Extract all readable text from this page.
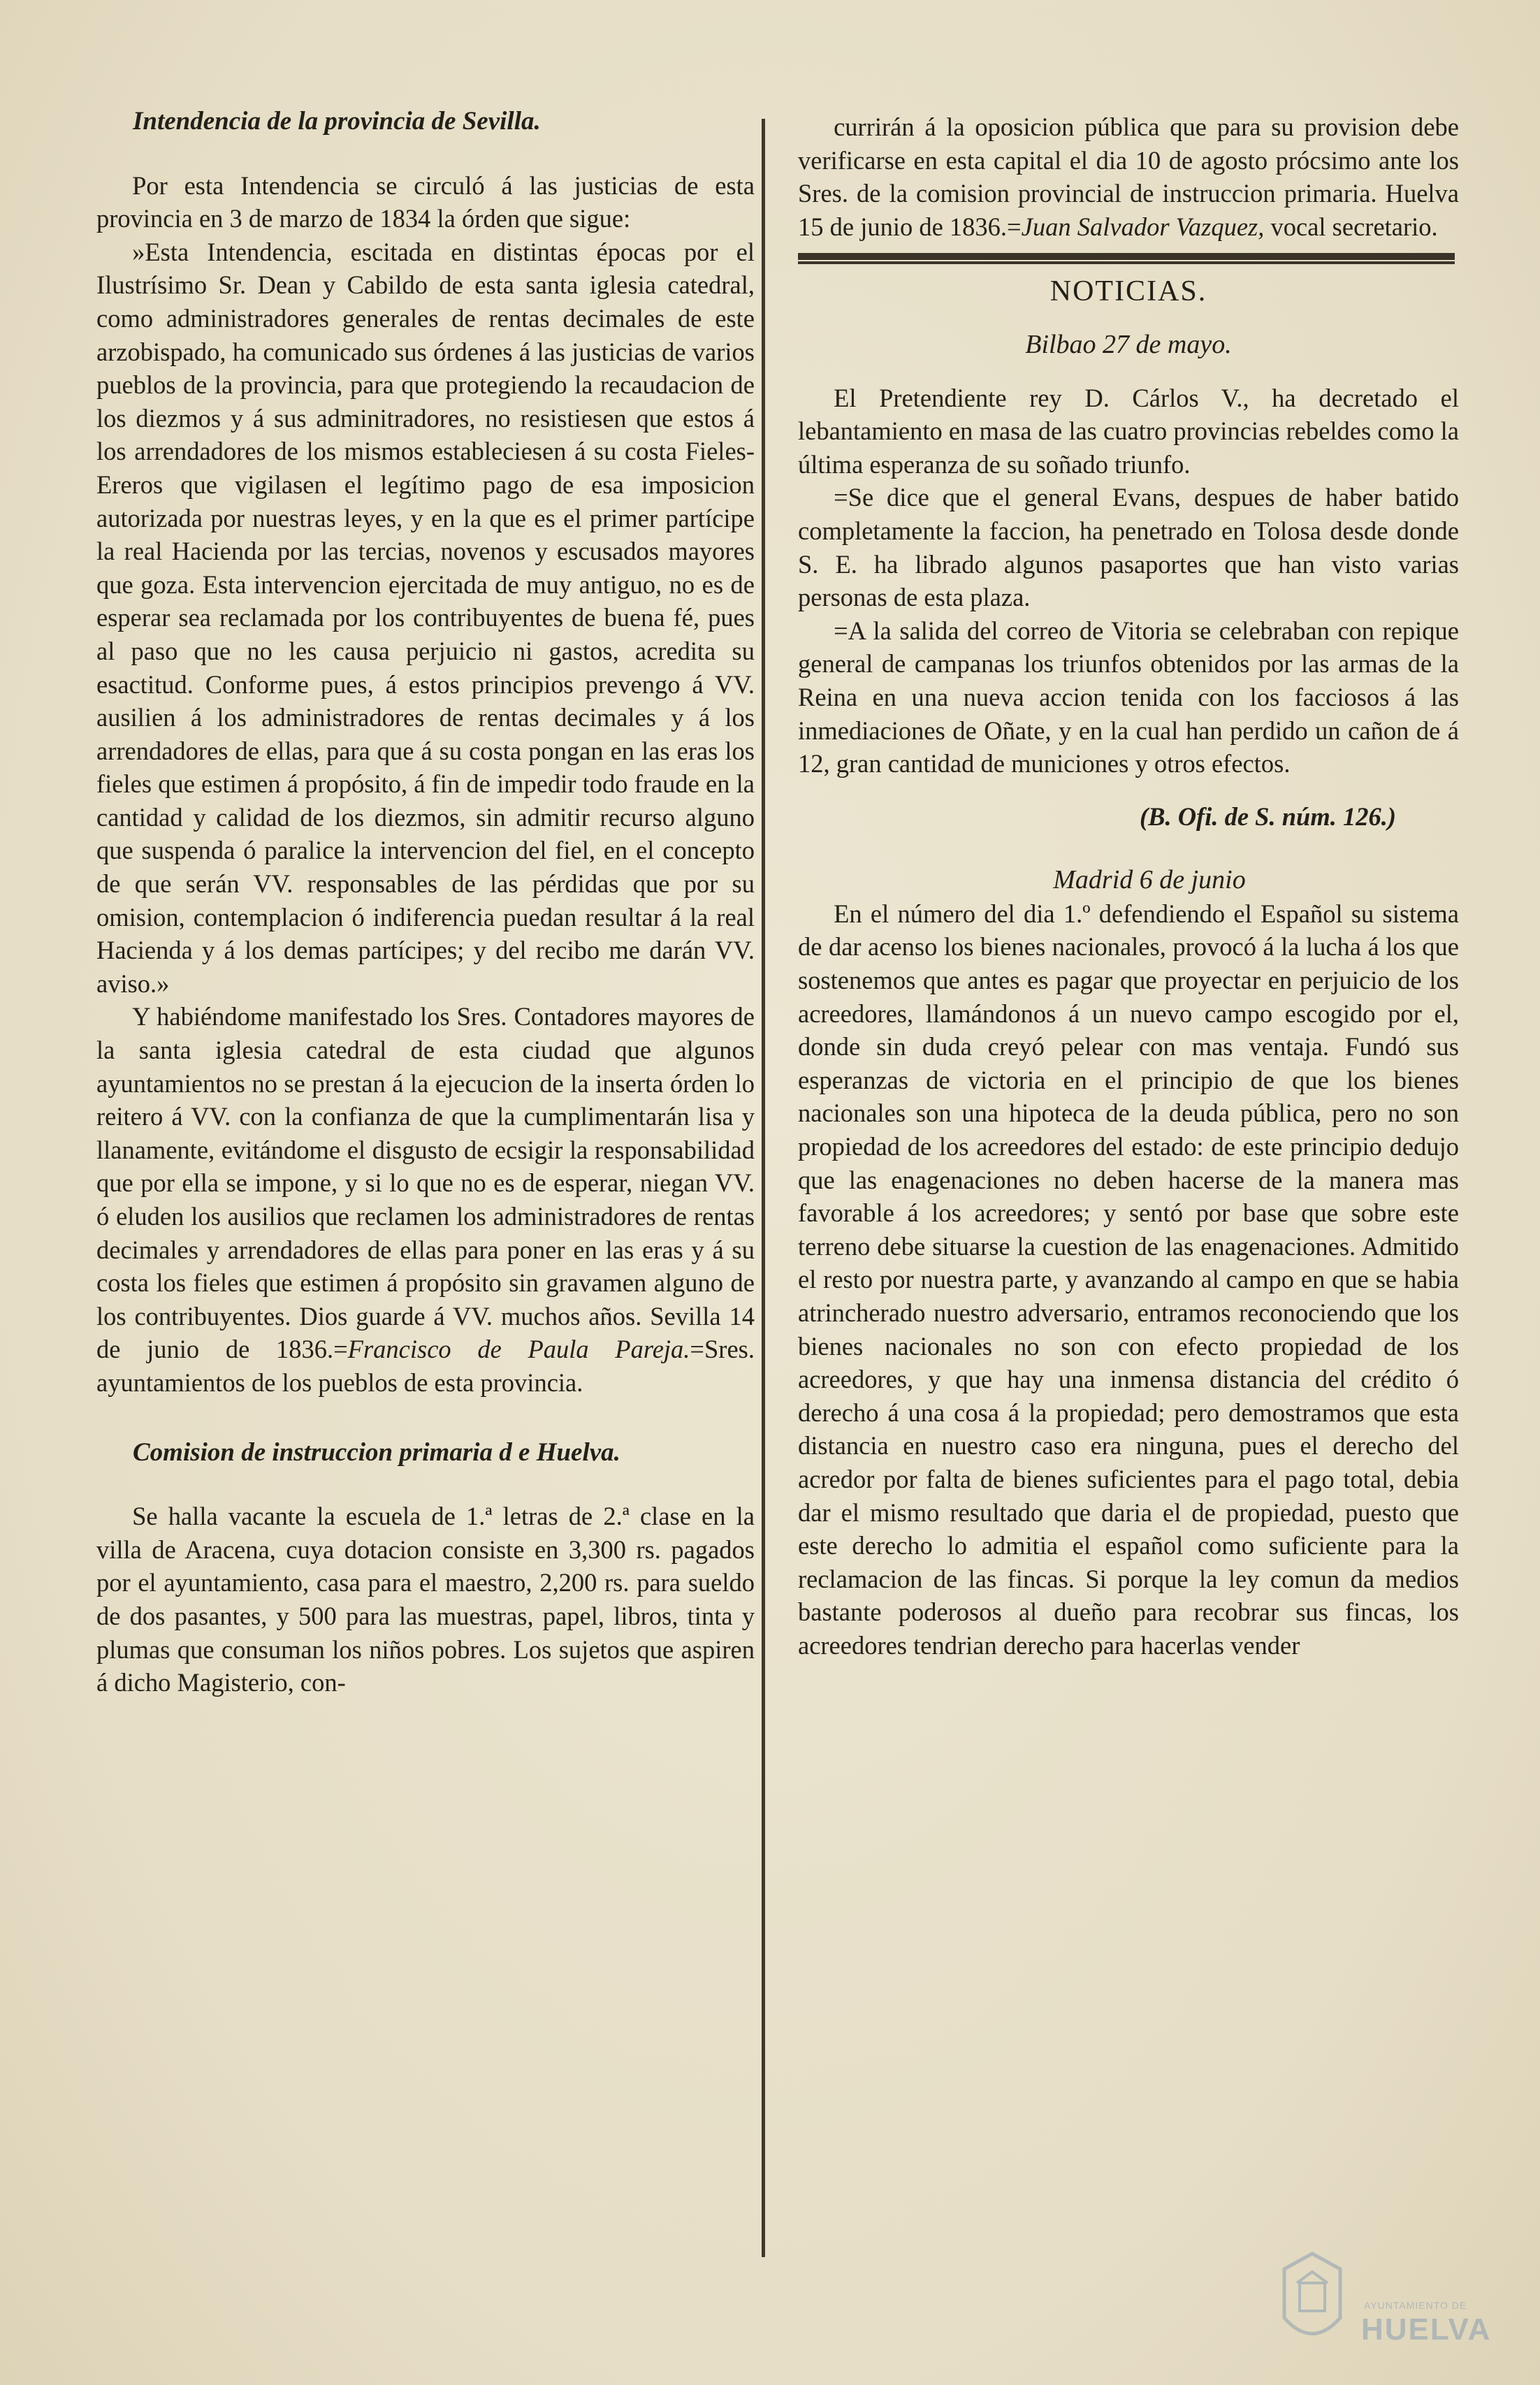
Intendencia de la provincia de Sevilla.

Por esta Intendencia se circuló á las justicias de esta provincia en 3 de marzo de 1834 la órden que sigue:

»Esta Intendencia, escitada en distintas épocas por el Ilustrísimo Sr. Dean y Cabildo de esta santa iglesia catedral, como administradores generales de rentas decimales de este arzobispado, ha comunicado sus órdenes á las justicias de varios pueblos de la provincia, para que protegiendo la recaudacion de los diezmos y á sus adminitradores, no resistiesen que estos á los arrendadores de los mismos estableciesen á su costa Fieles-Ereros que vigilasen el legítimo pago de esa imposicion autorizada por nuestras leyes, y en la que es el primer partícipe la real Hacienda por las tercias, novenos y escusados mayores que goza. Esta intervencion ejercitada de muy antiguo, no es de esperar sea reclamada por los contribuyentes de buena fé, pues al paso que no les causa perjuicio ni gastos, acredita su esactitud. Conforme pues, á estos principios prevengo á VV. ausilien á los administradores de rentas decimales y á los arrendadores de ellas, para que á su costa pongan en las eras los fieles que estimen á propósito, á fin de impedir todo fraude en la cantidad y calidad de los diezmos, sin admitir recurso alguno que suspenda ó paralice la intervencion del fiel, en el concepto de que serán VV. responsables de las pérdidas que por su omision, contemplacion ó indiferencia puedan resultar á la real Hacienda y á los demas partícipes; y del recibo me darán VV. aviso.»

Y habiéndome manifestado los Sres. Contadores mayores de la santa iglesia catedral de esta ciudad que algunos ayuntamientos no se prestan á la ejecucion de la inserta órden lo reitero á VV. con la confianza de que la cumplimentarán lisa y llanamente, evitándome el disgusto de ecsigir la responsabilidad que por ella se impone, y si lo que no es de esperar, niegan VV. ó eluden los ausilios que reclamen los administradores de rentas decimales y arrendadores de ellas para poner en las eras y á su costa los fieles que estimen á propósito sin gravamen alguno de los contribuyentes. Dios guarde á VV. muchos años. Sevilla 14 de junio de 1836.=Francisco de Paula Pareja.=Sres. ayuntamientos de los pueblos de esta provincia.

Comision de instruccion primaria d e Huelva.

Se halla vacante la escuela de 1.ª letras de 2.ª clase en la villa de Aracena, cuya dotacion consiste en 3,300 rs. pagados por el ayuntamiento, casa para el maestro, 2,200 rs. para sueldo de dos pasantes, y 500 para las muestras, papel, libros, tinta y plumas que consuman los niños pobres. Los sujetos que aspiren á dicho Magisterio, con-

currirán á la oposicion pública que para su provision debe verificarse en esta capital el dia 10 de agosto prócsimo ante los Sres. de la comision provincial de instruccion primaria. Huelva 15 de junio de 1836.=Juan Salvador Vazquez, vocal secretario.

NOTICIAS.

Bilbao 27 de mayo.

El Pretendiente rey D. Cárlos V., ha decretado el lebantamiento en masa de las cuatro provincias rebeldes como la última esperanza de su soñado triunfo.

=Se dice que el general Evans, despues de haber batido completamente la faccion, ha penetrado en Tolosa desde donde S. E. ha librado algunos pasaportes que han visto varias personas de esta plaza.

=A la salida del correo de Vitoria se celebraban con repique general de campanas los triunfos obtenidos por las armas de la Reina en una nueva accion tenida con los facciosos á las inmediaciones de Oñate, y en la cual han perdido un cañon de á 12, gran cantidad de municiones y otros efectos.

(B. Ofi. de S. núm. 126.)

Madrid 6 de junio

En el número del dia 1.º defendiendo el Español su sistema de dar acenso los bienes nacionales, provocó á la lucha á los que sostenemos que antes es pagar que proyectar en perjuicio de los acreedores, llamándonos á un nuevo campo escogido por el, donde sin duda creyó pelear con mas ventaja. Fundó sus esperanzas de victoria en el principio de que los bienes nacionales son una hipoteca de la deuda pública, pero no son propiedad de los acreedores del estado: de este principio dedujo que las enagenaciones no deben hacerse de la manera mas favorable á los acreedores; y sentó por base que sobre este terreno debe situarse la cuestion de las enagenaciones. Admitido el resto por nuestra parte, y avanzando al campo en que se habia atrincherado nuestro adversario, entramos reconociendo que los bienes nacionales no son con efecto propiedad de los acreedores, y que hay una inmensa distancia del crédito ó derecho á una cosa á la propiedad; pero demostramos que esta distancia en nuestro caso era ninguna, pues el derecho del acredor por falta de bienes suficientes para el pago total, debia dar el mismo resultado que daria el de propiedad, puesto que este derecho lo admitia el español como suficiente para la reclamacion de las fincas. Si porque la ley comun da medios bastante poderosos al dueño para recobrar sus fincas, los acreedores tendrian derecho para hacerlas vender

AYUNTAMIENTO DE
HUELVA
